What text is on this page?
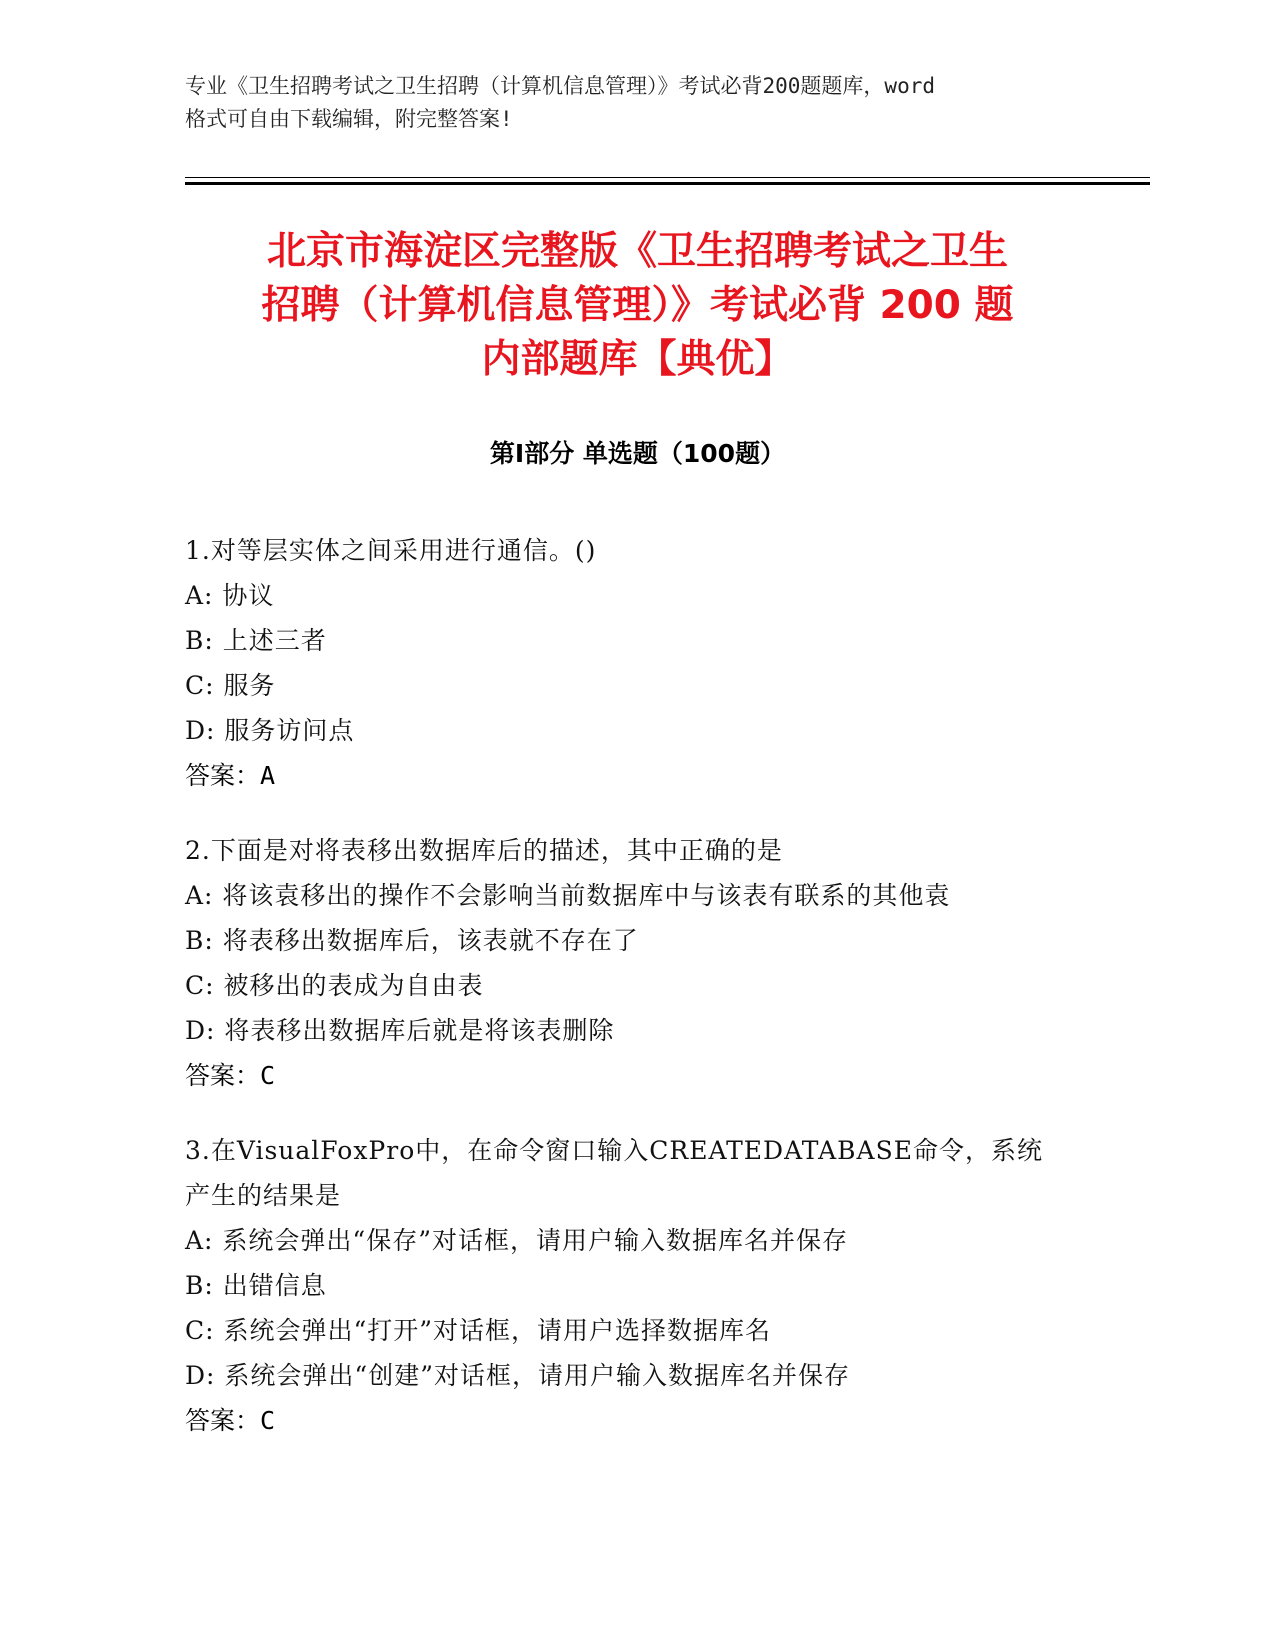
专业《卫生招聘考试之卫生招聘（计算机信息管理）》考试必背200题题库，word
格式可自由下载编辑，附完整答案!
北京市海淀区完整版《卫生招聘考试之卫生
招聘（计算机信息管理）》考试必背 200 题
内部题库【典优】
第Ⅰ部分 单选题（100题）
1.对等层实体之间采用进行通信。()
A: 协议
B: 上述三者
C: 服务
D: 服务访问点
答案：A
2.下面是对将表移出数据库后的描述，其中正确的是
A: 将该袁移出的操作不会影响当前数据库中与该表有联系的其他袁
B: 将表移出数据库后，该表就不存在了
C: 被移出的表成为自由表
D: 将表移出数据库后就是将该表删除
答案：C
3.在VisualFoxPro中，在命令窗口输入CREATEDATABASE命令，系统产生的结果是
A: 系统会弹出“保存”对话框，请用户输入数据库名并保存
B: 出错信息
C: 系统会弹出“打开”对话框，请用户选择数据库名
D: 系统会弹出“创建”对话框，请用户输入数据库名并保存
答案：C
